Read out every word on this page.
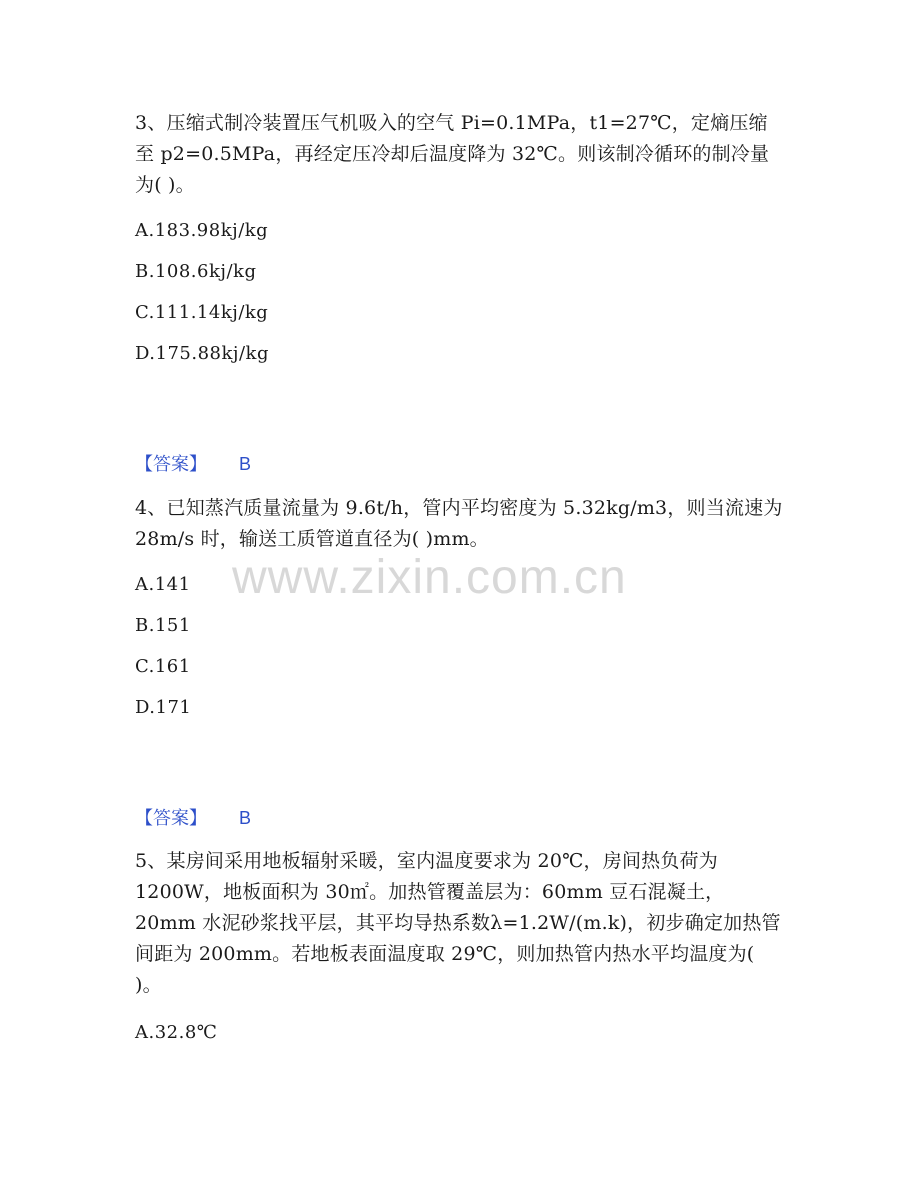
www.zixin.com.cn

3、压缩式制冷装置压气机吸入的空气 Pi=0.1MPa，t1=27℃，定熵压缩至 p2=0.5MPa，再经定压冷却后温度降为 32℃。则该制冷循环的制冷量为( )。

A.183.98kj/kg

B.108.6kj/kg

C.111.14kj/kg

D.175.88kj/kg

【答案】 B

4、已知蒸汽质量流量为 9.6t/h，管内平均密度为 5.32kg/m3，则当流速为 28m/s 时，输送工质管道直径为( )mm。

A.141

B.151

C.161

D.171

【答案】 B

5、某房间采用地板辐射采暖，室内温度要求为 20℃，房间热负荷为 1200W，地板面积为 30㎡。加热管覆盖层为：60mm 豆石混凝土，20mm 水泥砂浆找平层，其平均导热系数λ=1.2W/(m.k)，初步确定加热管间距为 200mm。若地板表面温度取 29℃，则加热管内热水平均温度为( )。

A.32.8℃
